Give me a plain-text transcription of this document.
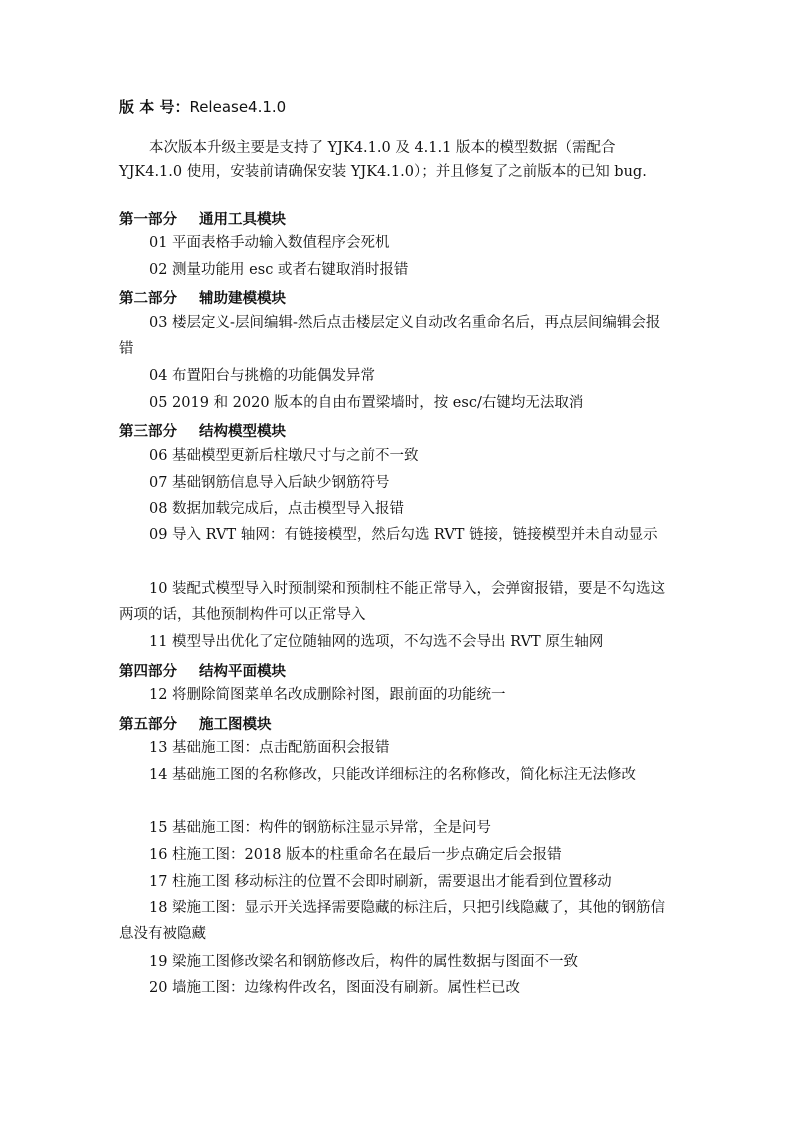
版 本 号：Release4.1.0
本次版本升级主要是支持了 YJK4.1.0 及 4.1.1 版本的模型数据（需配合 YJK4.1.0 使用，安装前请确保安装 YJK4.1.0）；并且修复了之前版本的已知 bug.
第一部分 通用工具模块
01 平面表格手动输入数值程序会死机
02 测量功能用 esc 或者右键取消时报错
第二部分 辅助建模模块
03 楼层定义-层间编辑-然后点击楼层定义自动改名重命名后，再点层间编辑会报错
04 布置阳台与挑檐的功能偶发异常
05 2019 和 2020 版本的自由布置梁墙时，按 esc/右键均无法取消
第三部分 结构模型模块
06 基础模型更新后柱墩尺寸与之前不一致
07 基础钢筋信息导入后缺少钢筋符号
08 数据加载完成后，点击模型导入报错
09 导入 RVT 轴网：有链接模型，然后勾选 RVT 链接，链接模型并未自动显示
10 装配式模型导入时预制梁和预制柱不能正常导入，会弹窗报错，要是不勾选这两项的话，其他预制构件可以正常导入
11 模型导出优化了定位随轴网的选项，不勾选不会导出 RVT 原生轴网
第四部分 结构平面模块
12 将删除简图菜单名改成删除衬图，跟前面的功能统一
第五部分 施工图模块
13 基础施工图：点击配筋面积会报错
14 基础施工图的名称修改，只能改详细标注的名称修改，简化标注无法修改
15 基础施工图：构件的钢筋标注显示异常，全是问号
16 柱施工图：2018 版本的柱重命名在最后一步点确定后会报错
17 柱施工图 移动标注的位置不会即时刷新，需要退出才能看到位置移动
18 梁施工图：显示开关选择需要隐藏的标注后，只把引线隐藏了，其他的钢筋信息没有被隐藏
19 梁施工图修改梁名和钢筋修改后，构件的属性数据与图面不一致
20 墙施工图：边缘构件改名，图面没有刷新。属性栏已改
